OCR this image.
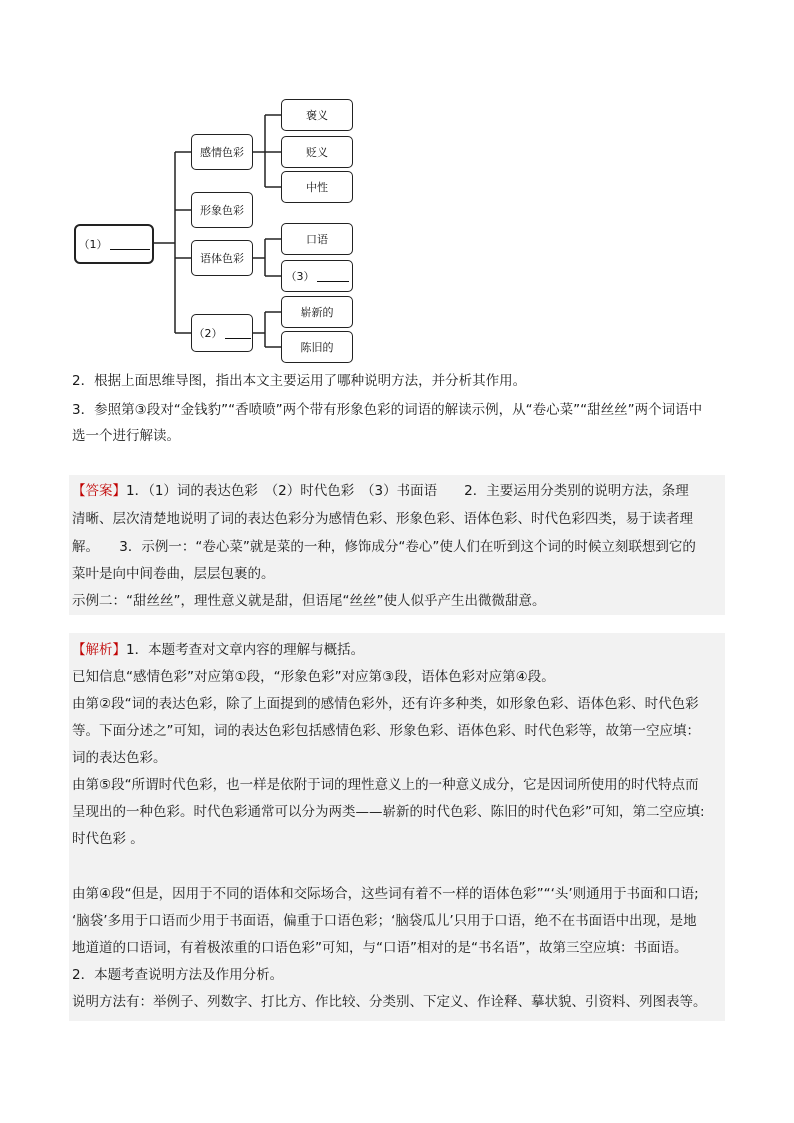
（1）
感情色彩
形象色彩
语体色彩
（2）
褒义
贬义
中性
口语
（3）
崭新的
陈旧的
2．根据上面思维导图，指出本文主要运用了哪种说明方法，并分析其作用。
3．参照第③段对“金钱豹”“香喷喷”两个带有形象色彩的词语的解读示例，从“卷心菜”“甜丝丝”两个词语中
选一个进行解读。
【答案】1．（1）词的表达色彩　（2）时代色彩　（3）书面语　　2．主要运用分类别的说明方法，条理
清晰、层次清楚地说明了词的表达色彩分为感情色彩、形象色彩、语体色彩、时代色彩四类，易于读者理
解。　　3．示例一：“卷心菜”就是菜的一种，修饰成分“卷心”使人们在听到这个词的时候立刻联想到它的
菜叶是向中间卷曲，层层包裹的。
示例二：“甜丝丝”，理性意义就是甜，但语尾“丝丝”使人似乎产生出微微甜意。
【解析】1．本题考查对文章内容的理解与概括。
已知信息“感情色彩”对应第①段，“形象色彩”对应第③段，语体色彩对应第④段。
由第②段“词的表达色彩，除了上面提到的感情色彩外，还有许多种类，如形象色彩、语体色彩、时代色彩
等。下面分述之”可知，词的表达色彩包括感情色彩、形象色彩、语体色彩、时代色彩等，故第一空应填：
词的表达色彩。
由第⑤段“所谓时代色彩，也一样是依附于词的理性意义上的一种意义成分，它是因词所使用的时代特点而
呈现出的一种色彩。时代色彩通常可以分为两类——崭新的时代色彩、陈旧的时代色彩”可知，第二空应填:
时代色彩 。
由第④段“但是，因用于不同的语体和交际场合，这些词有着不一样的语体色彩”“‘头’则通用于书面和口语;
‘脑袋’多用于口语而少用于书面语，偏重于口语色彩；‘脑袋瓜儿’只用于口语，绝不在书面语中出现，是地
地道道的口语词，有着极浓重的口语色彩”可知，与“口语”相对的是“书名语”，故第三空应填：书面语。
2．本题考查说明方法及作用分析。
说明方法有：举例子、列数字、打比方、作比较、分类别、下定义、作诠释、摹状貌、引资料、列图表等。
